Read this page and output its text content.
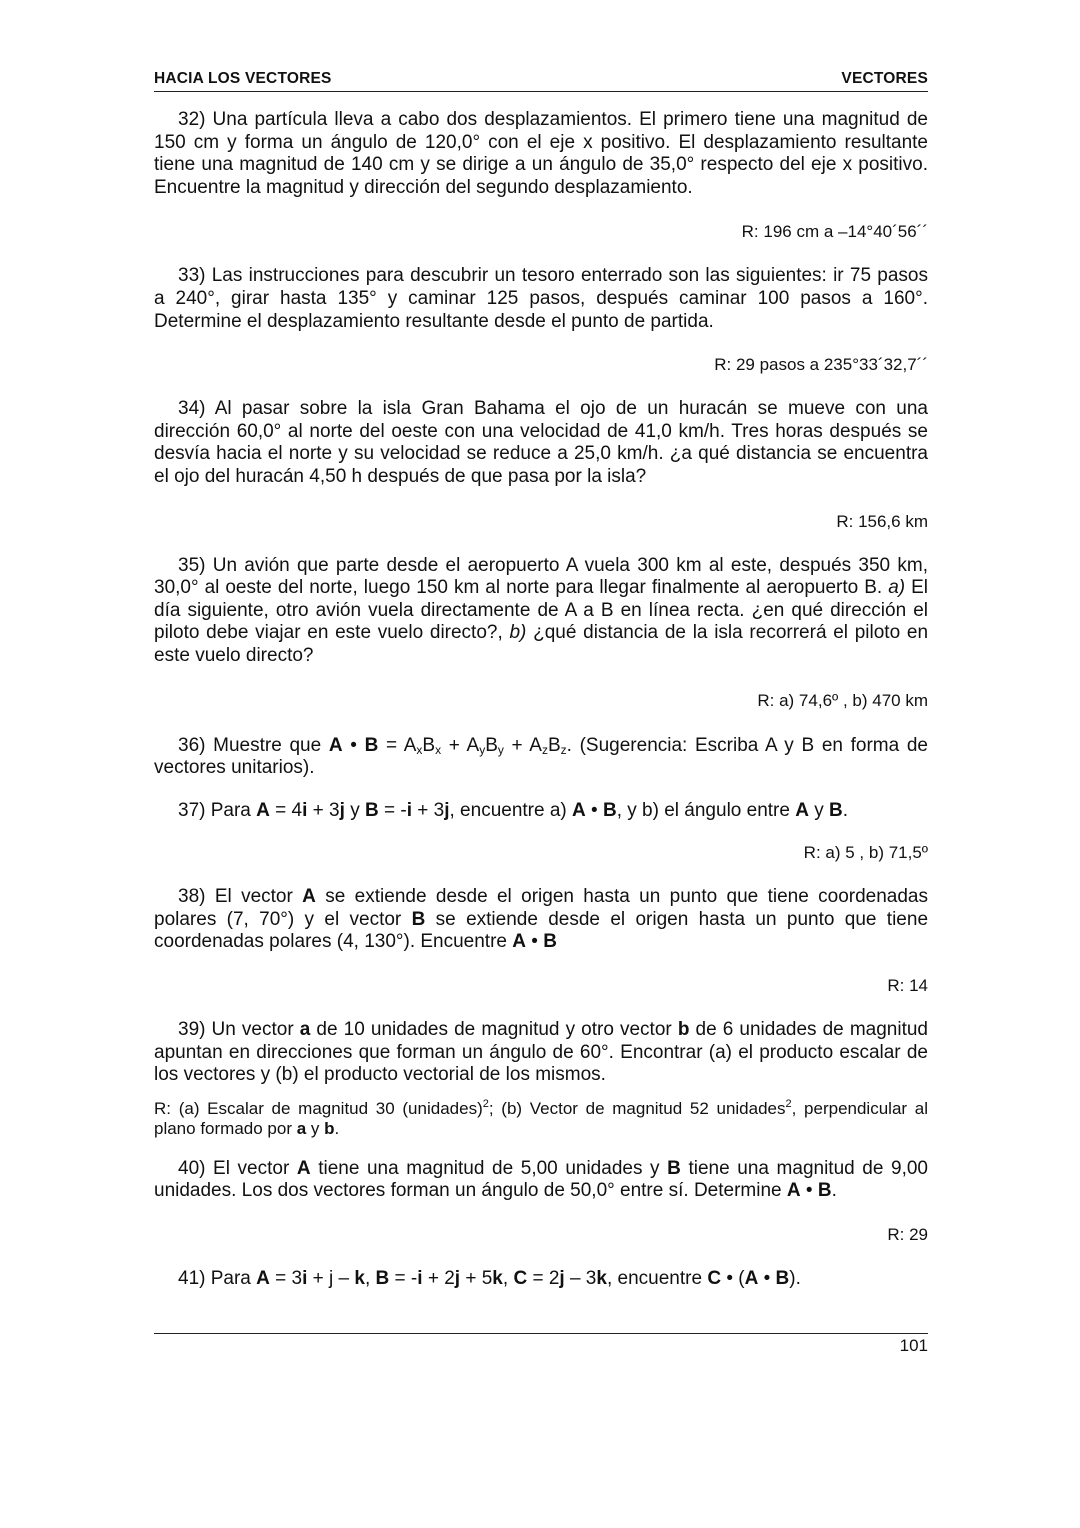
HACIA LOS VECTORES	VECTORES

32) Una partícula lleva a cabo dos desplazamientos. El primero tiene una magnitud de 150 cm y forma un ángulo de 120,0° con el eje x positivo. El desplazamiento resultante tiene una magnitud de 140 cm y se dirige a un ángulo de 35,0° respecto del eje x positivo. Encuentre la magnitud y dirección del segundo desplazamiento.

R: 196 cm a –14°40´56´´

33) Las instrucciones para descubrir un tesoro enterrado son las siguientes: ir 75 pasos a 240°, girar hasta 135° y caminar 125 pasos, después caminar 100 pasos a 160°. Determine el desplazamiento resultante desde el punto de partida.

R: 29 pasos a 235°33´32,7´´

34) Al pasar sobre la isla Gran Bahama el ojo de un huracán se mueve con una dirección 60,0° al norte del oeste con una velocidad de 41,0 km/h. Tres horas después se desvía hacia el norte y su velocidad se reduce a 25,0 km/h. ¿a qué distancia se encuentra el ojo del huracán 4,50 h después de que pasa por la isla?

R: 156,6 km

35) Un avión que parte desde el aeropuerto A vuela 300 km al este, después 350 km, 30,0° al oeste del norte, luego 150 km al norte para llegar finalmente al aeropuerto B. a) El día siguiente, otro avión vuela directamente de A a B en línea recta. ¿en qué dirección el piloto debe viajar en este vuelo directo?, b) ¿qué distancia de la isla recorrerá el piloto en este vuelo directo?

R: a) 74,6º , b) 470 km

36) Muestre que A • $B = A_xB_x + A_yB_y + A_zB_z$. (Sugerencia: Escriba A y B en forma de vectores unitarios).

37) Para A = 4i + 3j y B = -i + 3j, encuentre a) A • B, y b) el ángulo entre A y B.

R: a) 5 , b) 71,5º

38) El vector A se extiende desde el origen hasta un punto que tiene coordenadas polares (7, 70°) y el vector B se extiende desde el origen hasta un punto que tiene coordenadas polares (4, 130°). Encuentre A • B

R: 14

39) Un vector a de 10 unidades de magnitud y otro vector b de 6 unidades de magnitud apuntan en direcciones que forman un ángulo de 60°. Encontrar (a) el producto escalar de los vectores y (b) el producto vectorial de los mismos.

R: (a) Escalar de magnitud 30 (unidades)$^2$; (b) Vector de magnitud 52 unidades$^2$, perpendicular al plano formado por a y b.

40) El vector A tiene una magnitud de 5,00 unidades y B tiene una magnitud de 9,00 unidades. Los dos vectores forman un ángulo de 50,0° entre sí. Determine A • B.

R: 29

41) Para A = 3i + j – k, B = -i + 2j + 5k, C = 2j – 3k, encuentre C • (A • B).

101
